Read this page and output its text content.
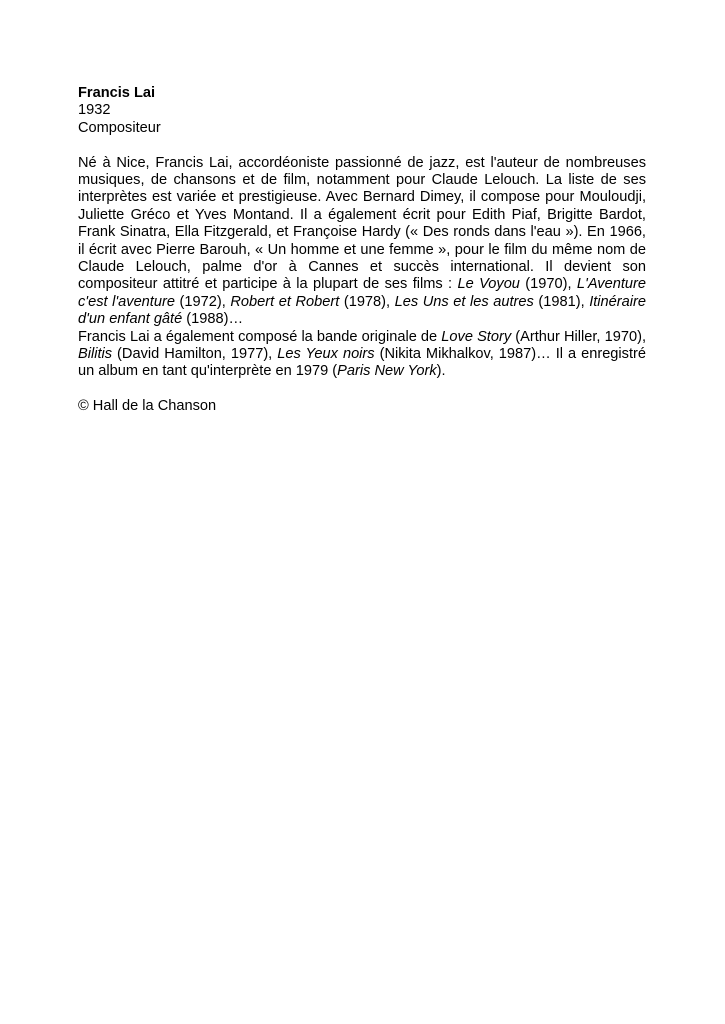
Francis Lai
1932
Compositeur

Né à Nice, Francis Lai, accordéoniste passionné de jazz, est l'auteur de nombreuses musiques, de chansons et de film, notamment pour Claude Lelouch. La liste de ses interprètes est variée et prestigieuse. Avec Bernard Dimey, il compose pour Mouloudji, Juliette Gréco et Yves Montand. Il a également écrit pour Edith Piaf, Brigitte Bardot, Frank Sinatra, Ella Fitzgerald, et Françoise Hardy (« Des ronds dans l'eau »). En 1966, il écrit avec Pierre Barouh, « Un homme et une femme », pour le film du même nom de Claude Lelouch, palme d'or à Cannes et succès international. Il devient son compositeur attitré et participe à la plupart de ses films : Le Voyou (1970), L'Aventure c'est l'aventure (1972), Robert et Robert (1978), Les Uns et les autres (1981), Itinéraire d'un enfant gâté (1988)…

Francis Lai a également composé la bande originale de Love Story (Arthur Hiller, 1970), Bilitis (David Hamilton, 1977), Les Yeux noirs (Nikita Mikhalkov, 1987)… Il a enregistré un album en tant qu'interprète en 1979 (Paris New York).

© Hall de la Chanson
